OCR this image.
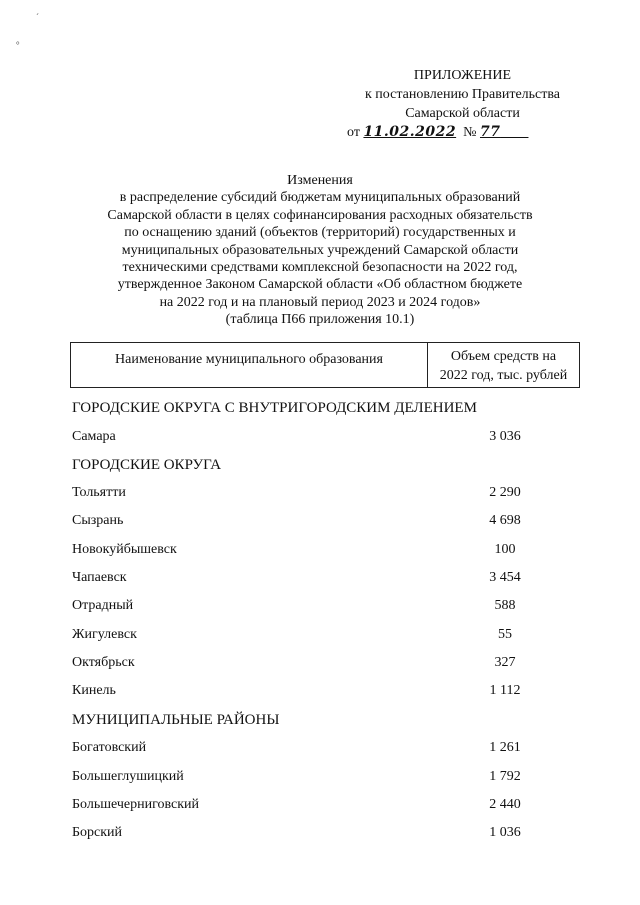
ˊ
°
ПРИЛОЖЕНИЕ
к постановлению Правительства
Самарской области
от 11.02.2022 № 77
Изменения
в распределение субсидий бюджетам муниципальных образований
Самарской области в целях софинансирования расходных обязательств
по оснащению зданий (объектов (территорий) государственных и
муниципальных образовательных учреждений Самарской области
техническими средствами комплексной безопасности на 2022 год,
утвержденное Законом Самарской области «Об областном бюджете
на 2022 год и на плановый период 2023 и 2024 годов»
(таблица П66 приложения 10.1)
Наименование муниципального образования	Объем средств на
2022 год, тыс. рублей
ГОРОДСКИЕ ОКРУГА С ВНУТРИГОРОДСКИМ ДЕЛЕНИЕМ
Самара	3 036
ГОРОДСКИЕ ОКРУГА
Тольятти	2 290
Сызрань	4 698
Новокуйбышевск	100
Чапаевск	3 454
Отрадный	588
Жигулевск	55
Октябрьск	327
Кинель	1 112
МУНИЦИПАЛЬНЫЕ РАЙОНЫ
Богатовский	1 261
Большеглушицкий	1 792
Большечерниговский	2 440
Борский	1 036
